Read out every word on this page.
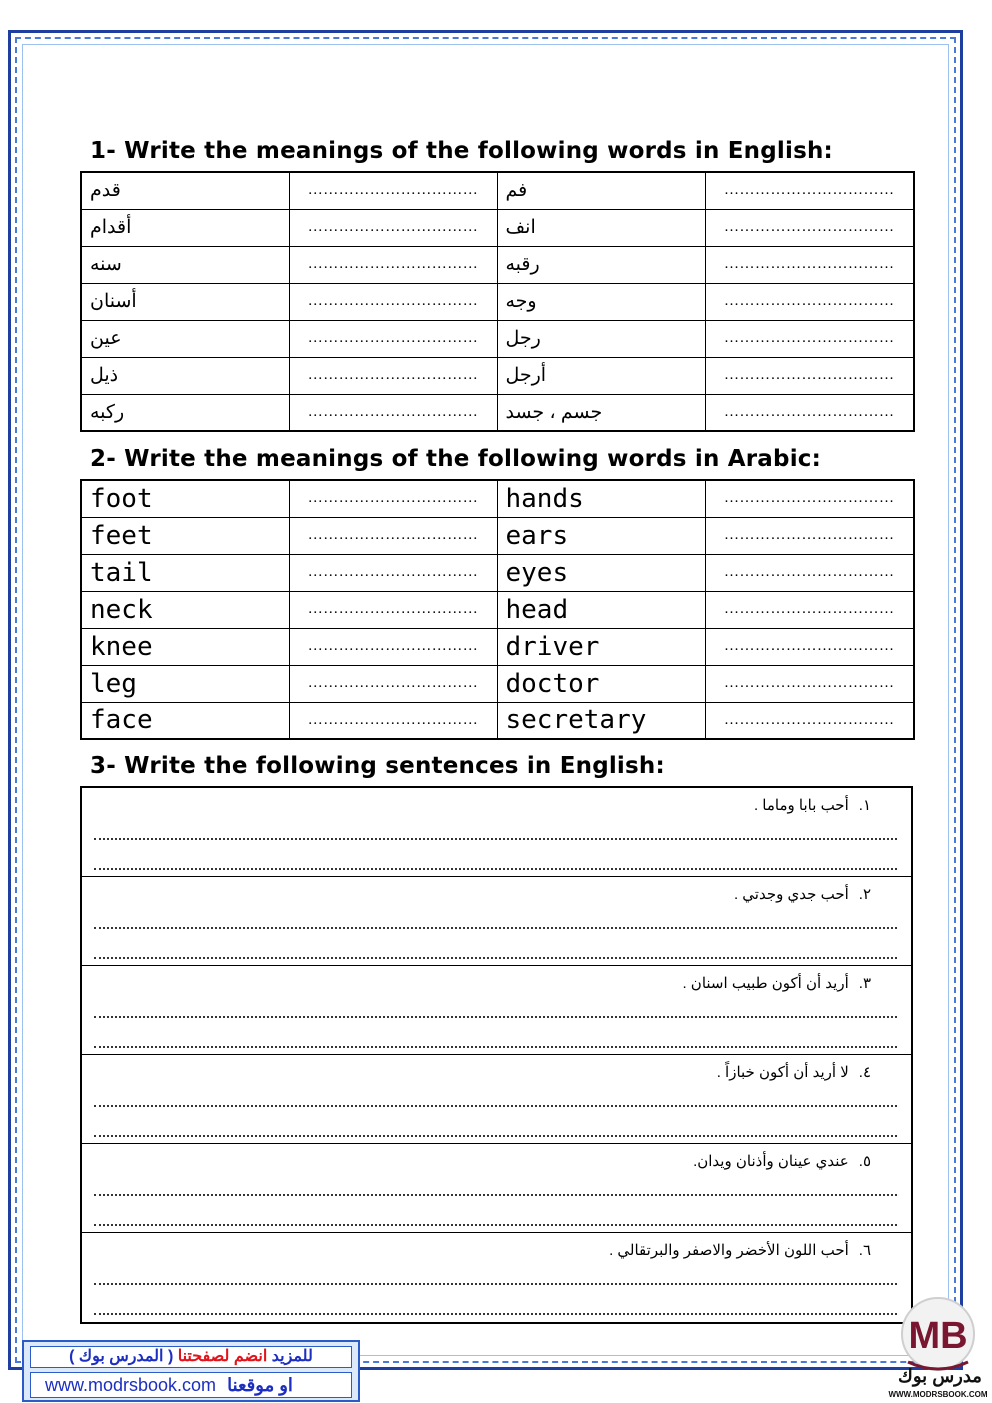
1- Write the meanings of the following words in English:
قدم	……………………………	فم	……………………………
أقدام	……………………………	انف	……………………………
سنه	……………………………	رقبه	……………………………
أسنان	……………………………	وجه	……………………………
عين	……………………………	رجل	……………………………
ذيل	……………………………	أرجل	……………………………
ركبه	……………………………	جسم ، جسد	……………………………
2- Write the meanings of the following words in Arabic:
foot	……………………………	hands	……………………………
feet	……………………………	ears	……………………………
tail	……………………………	eyes	……………………………
neck	……………………………	head	……………………………
knee	……………………………	driver	……………………………
leg	……………………………	doctor	……………………………
face	……………………………	secretary	……………………………
3- Write the following sentences in English:
١.أحب بابا وماما .
٢.أحب جدي وجدتي .
٣.أريد أن أكون طبيب اسنان .
٤.لا أريد أن أكون خبازاً .
٥.عندي عينان وأذنان ويدان.
٦.أحب اللون الأخضر والاصفر والبرتقالي .
للمزيد انضم لصفحتنا ( المدرس بوك )
www.modrsbook.com او موقعنا
MB
مدرس بوك
WWW.MODRSBOOK.COM
